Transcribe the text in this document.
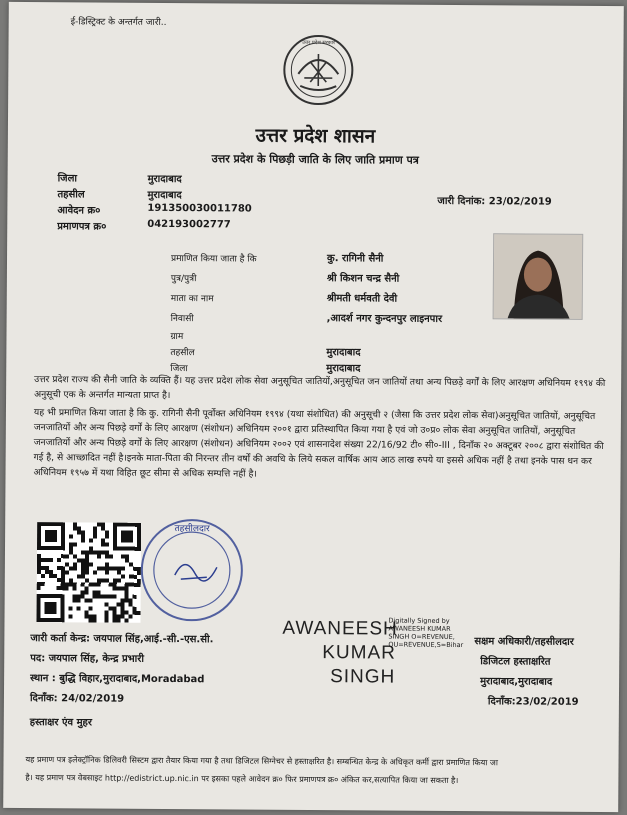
ई-डिस्ट्रिक्ट के अन्तर्गत जारी..
उत्तर प्रदेश सरकार
उत्तर प्रदेश शासन
उत्तर प्रदेश के पिछड़ी जाति के लिए जाति प्रमाण पत्र
जिला	मुरादाबाद
तहसील	मुरादाबाद
आवेदन क्र०	191350030011780
प्रमाणपत्र क्र०	042193002777
जारी दिनांक: 23/02/2019
प्रमाणित किया जाता है कि	कु. रागिनी सैनी
पुत्र/पुत्री	श्री किशन चन्द्र सैनी
माता का नाम	श्रीमती धर्मवती देवी
निवासी	,आदर्श नगर कुन्दनपुर लाइनपार
ग्राम
तहसील	मुरादाबाद
जिला	मुरादाबाद
उत्तर प्रदेश राज्य की सैनी जाति के व्यक्ति हैं। यह उत्तर प्रदेश लोक सेवा अनुसूचित जातियों,अनुसूचित जन जातियों तथा अन्य पिछड़े वर्गों के लिए आरक्षण अधिनियम १९९४ की अनुसूची एक के अन्तर्गत मान्यता प्राप्त है।
यह भी प्रमाणित किया जाता है कि कु. रागिनी सैनी पूर्वोक्त अधिनियम १९९४ (यथा संशोधित) की अनुसूची २ (जैसा कि उत्तर प्रदेश लोक सेवा)अनुसूचित जातियों, अनुसूचित जनजातियों और अन्य पिछड़े वर्गों के लिए आरक्षण (संशोधन) अधिनियम २००१ द्वारा प्रतिस्थापित किया गया है एवं जो उ०प्र० लोक सेवा अनुसूचित जातियों, अनुसूचित जनजातियों और अन्य पिछड़े वर्गों के लिए आरक्षण (संशोधन) अधिनियम २००२ एवं शासनादेश संख्या 22/16/92 टी० सी०-III , दिनाँक २० अक्टूबर २००८ द्वारा संशोधित की गई है, से आच्छादित नहीं है।इनके माता-पिता की निरन्तर तीन वर्षों की अवधि के लिये सकल वार्षिक आय आठ लाख रुपये या इससे अधिक नहीं है तथा इनके पास धन कर अधिनियम १९५७ में यथा विहित छूट सीमा से अधिक सम्पत्ति नहीं है।
तहसीलदार
जारी कर्ता केन्द्र: जयपाल सिंह,आई.-सी.-एस.सी.
पद: जयपाल सिंह, केन्द्र प्रभारी
स्थान : बुद्धि विहार,मुरादाबाद,Moradabad
दिनाँक: 24/02/2019
हस्ताक्षर एंव मुहर
AWANEESH
KUMAR
SINGH
Digitally Signed by
AWANEESH KUMAR
SINGH O=REVENUE,
OU=REVENUE,S=Bihar सक्षम अधिकारी/तहसीलदार
डिजिटल हस्ताक्षरित
मुरादाबाद,मुरादाबाद
दिनाँक:23/02/2019
यह प्रमाण पत्र इलेक्ट्रॉनिक डिलिवरी सिस्टम द्वारा तैयार किया गया है तथा डिजिटल सिग्नेचर से हस्ताक्षरित है। सम्बन्धित केन्द्र के अधिकृत कर्मी द्वारा प्रमाणित किया जा
है। यह प्रमाण पत्र वेबसाइट http://edistrict.up.nic.in पर इसका पहले आवेदन क्र० फिर प्रमाणपत्र क्र० अंकित कर,सत्यापित किया जा सकता है।
